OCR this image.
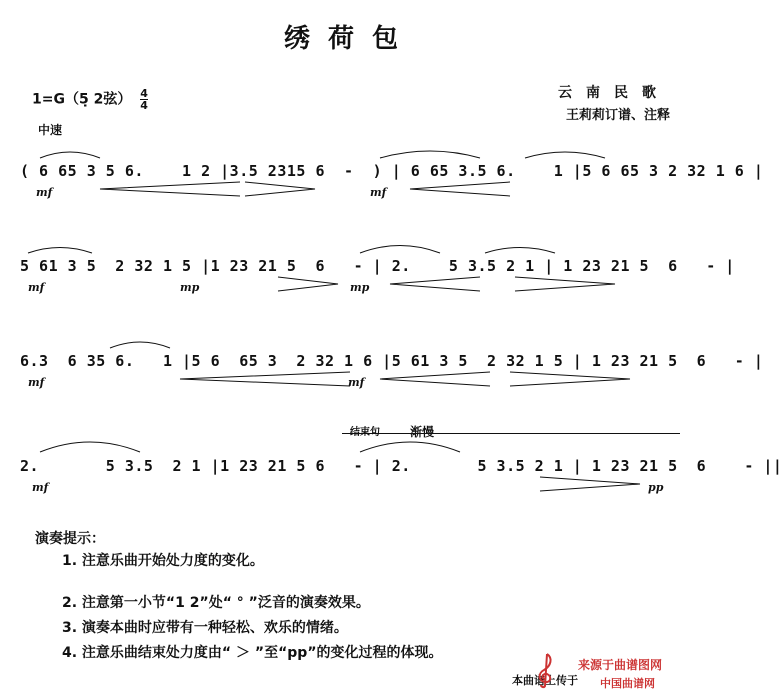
绣荷包
1=G（5̣ 2弦） $\frac{4}{4}$	云南民歌
王莉莉订谱、注释
中速
( 6 65 3 5 6.    1 2 |3.5 2315 6  -  ) | 6 65 3.5 6.    1 |5 6 65 3 2 32 1 6 |
mf	mf
5 61 3 5  2 32 1 5 |1 23 21 5  6   - | 2.    5 3.5 2 1 | 1 23 21 5  6   - |
mf	mp	mp
6.3  6 35 6.   1 |5 6  65 3  2 32 1 6 |5 61 3 5  2 32 1 5 | 1 23 21 5  6   - |
mf	mf
结束句	渐慢
2.       5 3.5  2 1 |1 23 21 5 6   - | 2.       5 3.5 2 1 | 1 23 21 5  6    - ||
mf	pp
演奏提示：
1. 注意乐曲开始处力度的变化。
2. 注意第一小节“1 2”处“ ° ”泛音的演奏效果。
3. 演奏本曲时应带有一种轻松、欢乐的情绪。
4. 注意乐曲结束处力度由“ ＞ ”至“pp”的变化过程的体现。
本曲谱上传于
来源于曲谱图网
中国曲谱网
